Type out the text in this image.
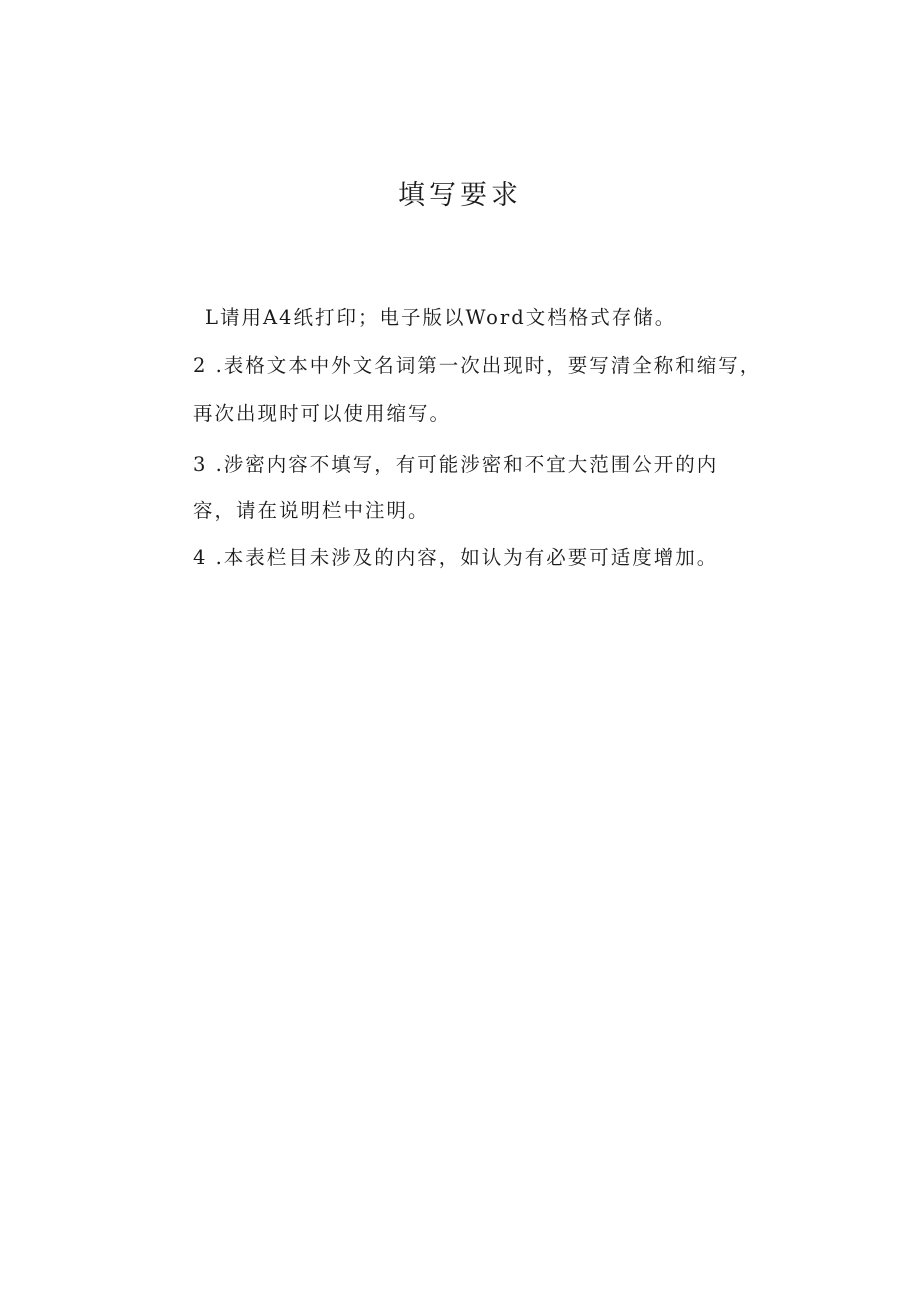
填写要求

L请用A4纸打印；电子版以Word文档格式存储。

2 .表格文本中外文名词第一次出现时，要写清全称和缩写，

再次出现时可以使用缩写。

3 .涉密内容不填写，有可能涉密和不宜大范围公开的内

容，请在说明栏中注明。

4 .本表栏目未涉及的内容，如认为有必要可适度增加。
